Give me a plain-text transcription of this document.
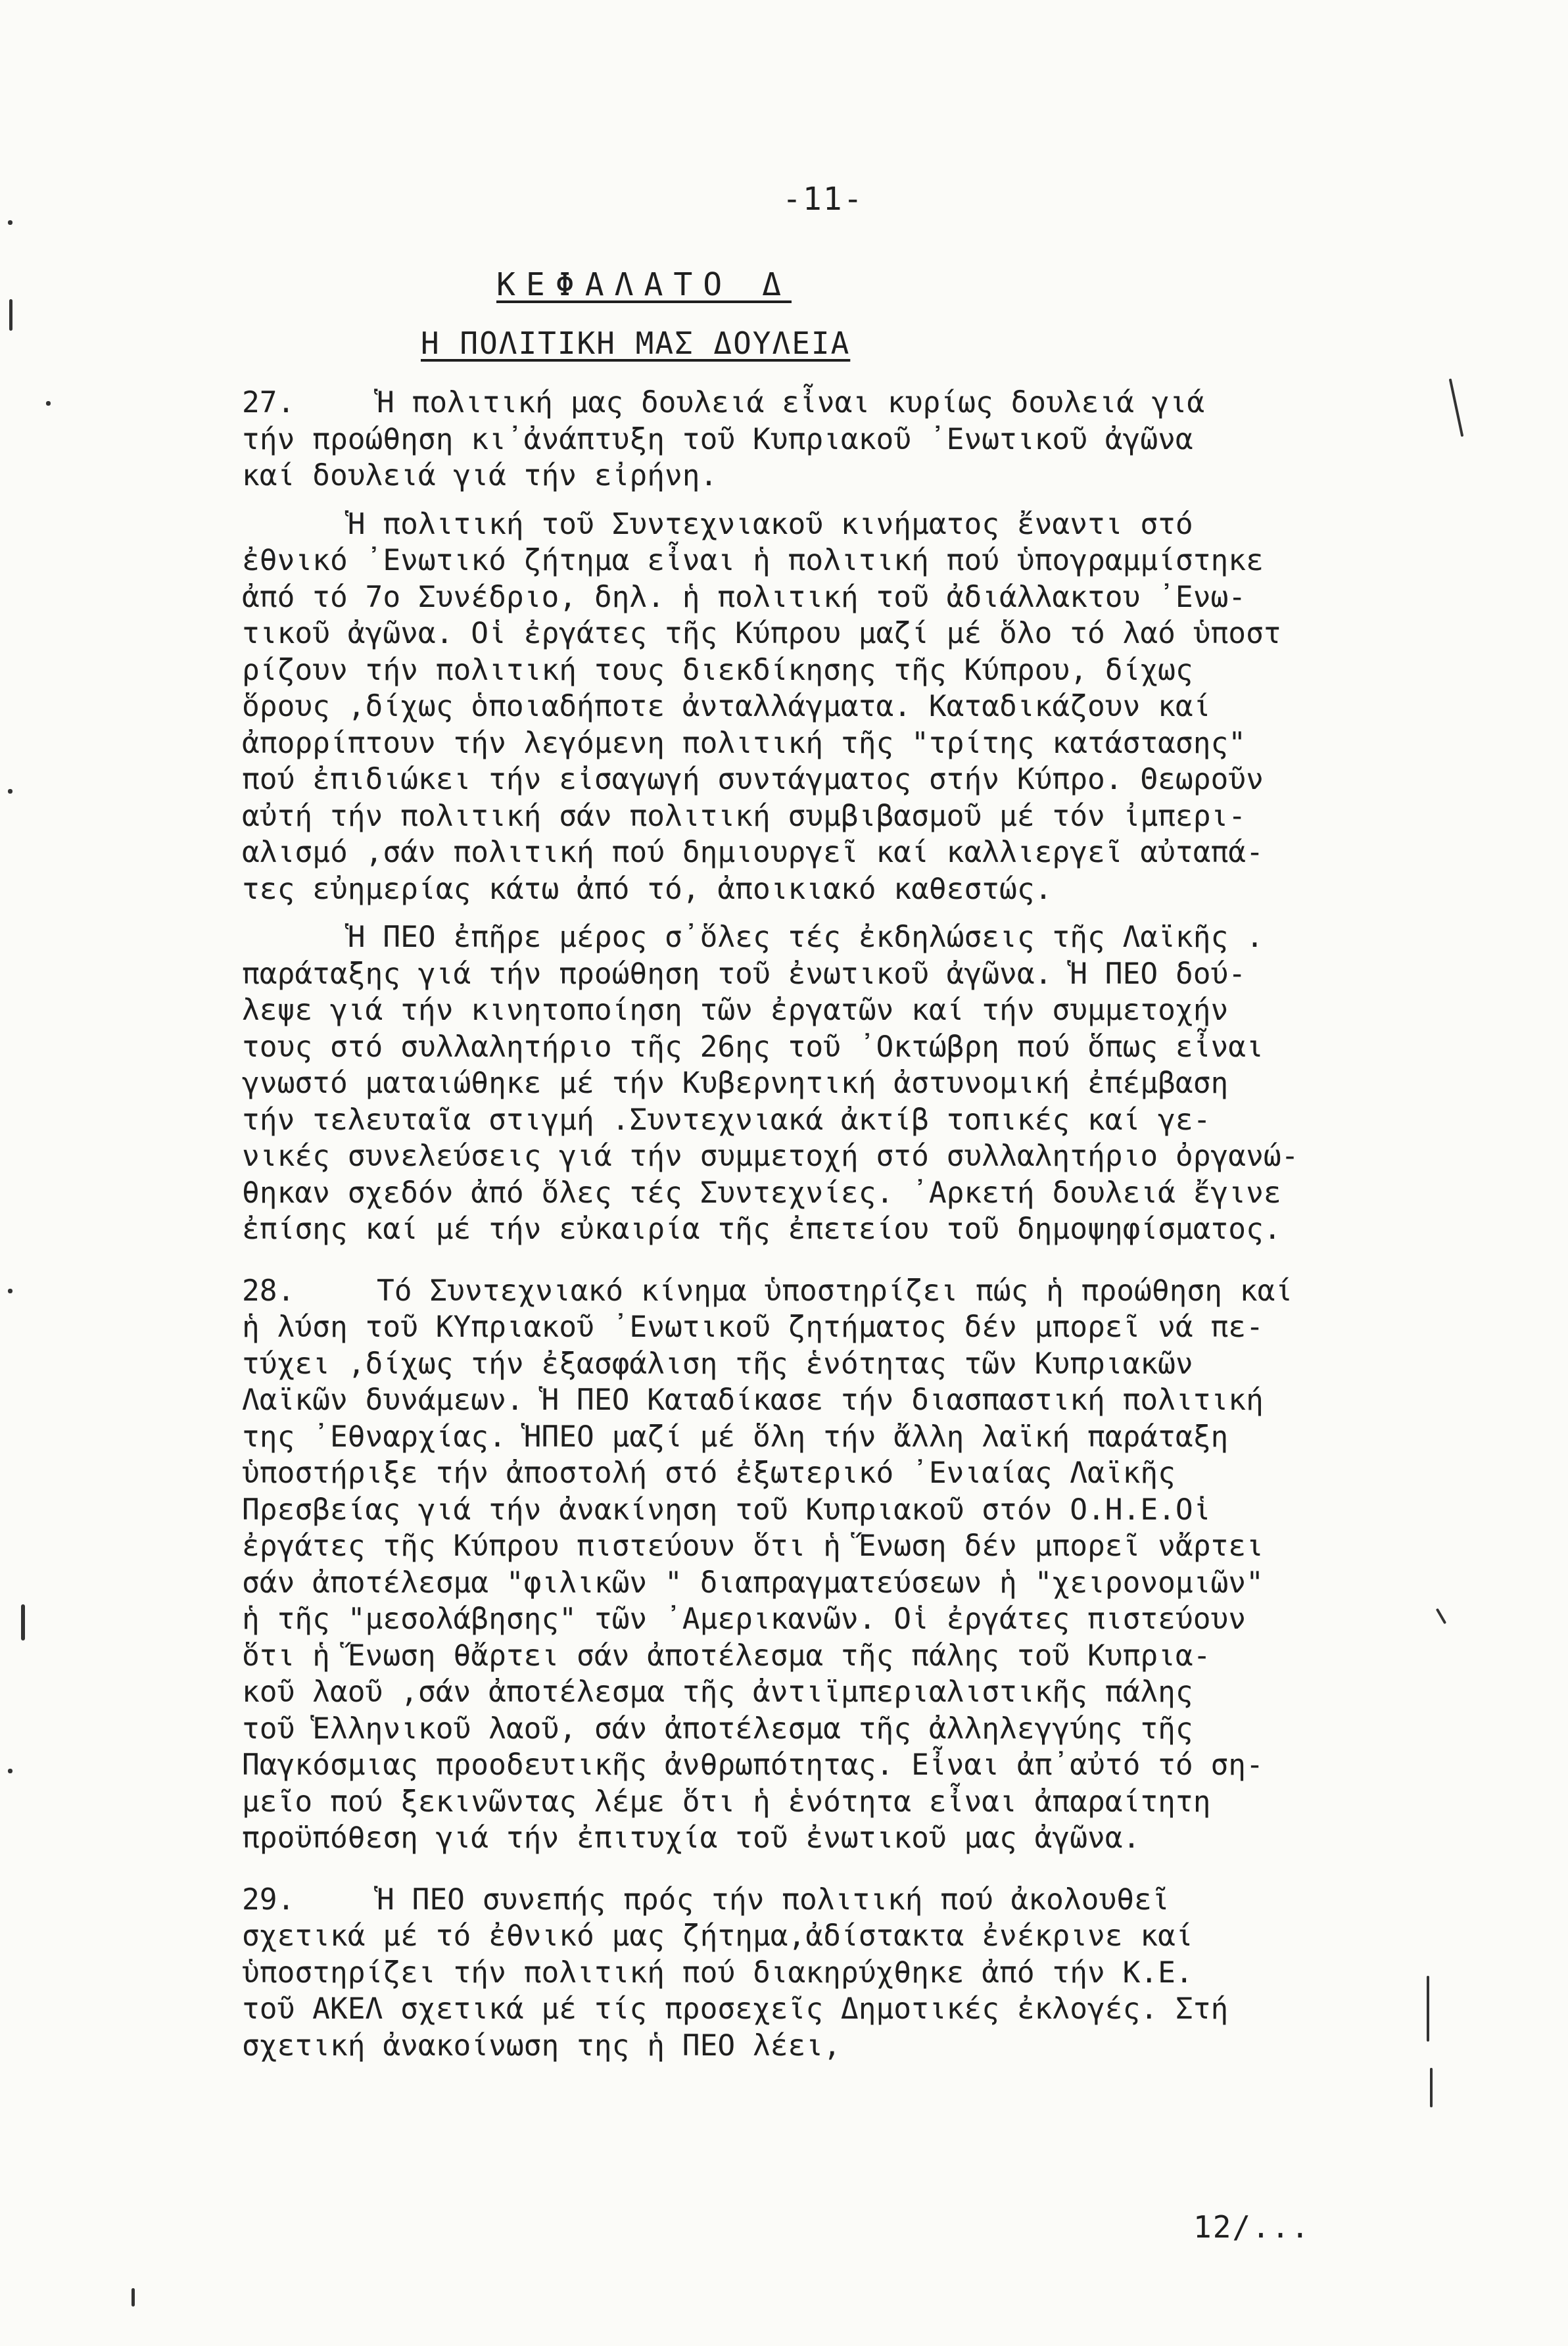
-11-
ΚΕΦΑΛΑΤΟ Δ
Η ΠΟΛΙΤΙΚΗ ΜΑΣ ΔΟΥΛΕΙΑ

27.	Ἡ πολιτική μας δουλειά εἶναι κυρίως δουλειά γιά
τήν προώθηση κι᾽ἀνάπτυξη τοῦ Κυπριακοῦ ᾽Ενωτικοῦ ἀγῶνα
καί δουλειά γιά τήν εἰρήνη.

Ἡ πολιτική τοῦ Συντεχνιακοῦ κινήματος ἔναντι στό
ἐθνικό ᾽Ενωτικό ζήτημα εἶναι ἡ πολιτική πού ὑπογραμμίστηκε
ἀπό τό 7ο Συνέδριο, δηλ. ἡ πολιτική τοῦ ἀδιάλλακτου ᾽Ενω-
τικοῦ ἀγῶνα. Οἱ ἐργάτες τῆς Κύπρου μαζί μέ ὅλο τό λαό ὑποστ
ρίζουν τήν πολιτική τους διεκδίκησης τῆς Κύπρου, δίχως
ὅρους ,δίχως ὁποιαδήποτε ἀνταλλάγματα. Καταδικάζουν καί
ἀπορρίπτουν τήν λεγόμενη πολιτική τῆς "τρίτης κατάστασης"
πού ἐπιδιώκει τήν εἰσαγωγή συντάγματος στήν Κύπρο. Θεωροῦν
αὐτή τήν πολιτική σάν πολιτική συμβιβασμοῦ μέ τόν ἰμπερι-
αλισμό ,σάν πολιτική πού δημιουργεῖ καί καλλιεργεῖ αὐταπά-
τες εὐημερίας κάτω ἀπό τό, ἀποικιακό καθεστώς.

Ἡ ΠΕΟ ἐπῆρε μέρος σ᾽ὅλες τές ἐκδηλώσεις τῆς Λαϊκῆς .
παράταξης γιά τήν προώθηση τοῦ ἐνωτικοῦ ἀγῶνα. Ἡ ΠΕΟ δού-
λεψε γιά τήν κινητοποίηση τῶν ἐργατῶν καί τήν συμμετοχήν
τους στό συλλαλητήριο τῆς 26ης τοῦ ᾽Οκτώβρη πού ὅπως εἶναι
γνωστό ματαιώθηκε μέ τήν Κυβερνητική ἀστυνομική ἐπέμβαση
τήν τελευταῖα στιγμή .Συντεχνιακά ἀκτίβ τοπικές καί γε-
νικές συνελεύσεις γιά τήν συμμετοχή στό συλλαλητήριο ὀργανώ-
θηκαν σχεδόν ἀπό ὅλες τές Συντεχνίες. ᾽Αρκετή δουλειά ἔγινε
ἐπίσης καί μέ τήν εὐκαιρία τῆς ἐπετείου τοῦ δημοψηφίσματος.

28.	Τό Συντεχνιακό κίνημα ὑποστηρίζει πώς ἡ προώθηση καί
ἡ λύση τοῦ ΚΥπριακοῦ ᾽Ενωτικοῦ ζητήματος δέν μπορεῖ νά πε-
τύχει ,δίχως τήν ἐξασφάλιση τῆς ἑνότητας τῶν Κυπριακῶν
Λαϊκῶν δυνάμεων. Ἡ ΠΕΟ Καταδίκασε τήν διασπαστική πολιτική
της ᾽Εθναρχίας. ἩΠΕΟ μαζί μέ ὅλη τήν ἄλλη λαϊκή παράταξη
ὑποστήριξε τήν ἀποστολή στό ἐξωτερικό ᾽Ενιαίας Λαϊκῆς
Πρεσβείας γιά τήν ἀνακίνηση τοῦ Κυπριακοῦ στόν Ο.Η.Ε.Οἱ
ἐργάτες τῆς Κύπρου πιστεύουν ὅτι ἡ Ἕνωση δέν μπορεῖ νἄρτει
σάν ἀποτέλεσμα "φιλικῶν " διαπραγματεύσεων ἡ "χειρονομιῶν"
ἡ τῆς "μεσολάβησης" τῶν ᾽Αμερικανῶν. Οἱ ἐργάτες πιστεύουν
ὅτι ἡ Ἕνωση θἄρτει σάν ἀποτέλεσμα τῆς πάλης τοῦ Κυπρια-
κοῦ λαοῦ ,σάν ἀποτέλεσμα τῆς ἀντιϊμπεριαλιστικῆς πάλης
τοῦ Ἑλληνικοῦ λαοῦ, σάν ἀποτέλεσμα τῆς ἀλληλεγγύης τῆς
Παγκόσμιας προοδευτικῆς ἀνθρωπότητας. Εἶναι ἀπ᾽αὐτό τό ση-
μεῖο πού ξεκινῶντας λέμε ὅτι ἡ ἑνότητα εἶναι ἀπαραίτητη
προϋπόθεση γιά τήν ἐπιτυχία τοῦ ἐνωτικοῦ μας ἀγῶνα.

29.	Ἡ ΠΕΟ συνεπής πρός τήν πολιτική πού ἀκολουθεῖ
σχετικά μέ τό ἐθνικό μας ζήτημα,ἀδίστακτα ἐνέκρινε καί
ὑποστηρίζει τήν πολιτική πού διακηρύχθηκε ἀπό τήν Κ.Ε.
τοῦ ΑΚΕΛ σχετικά μέ τίς προσεχεῖς Δημοτικές ἐκλογές. Στή
σχετική ἀνακοίνωση της ἡ ΠΕΟ λέει,

12/...
